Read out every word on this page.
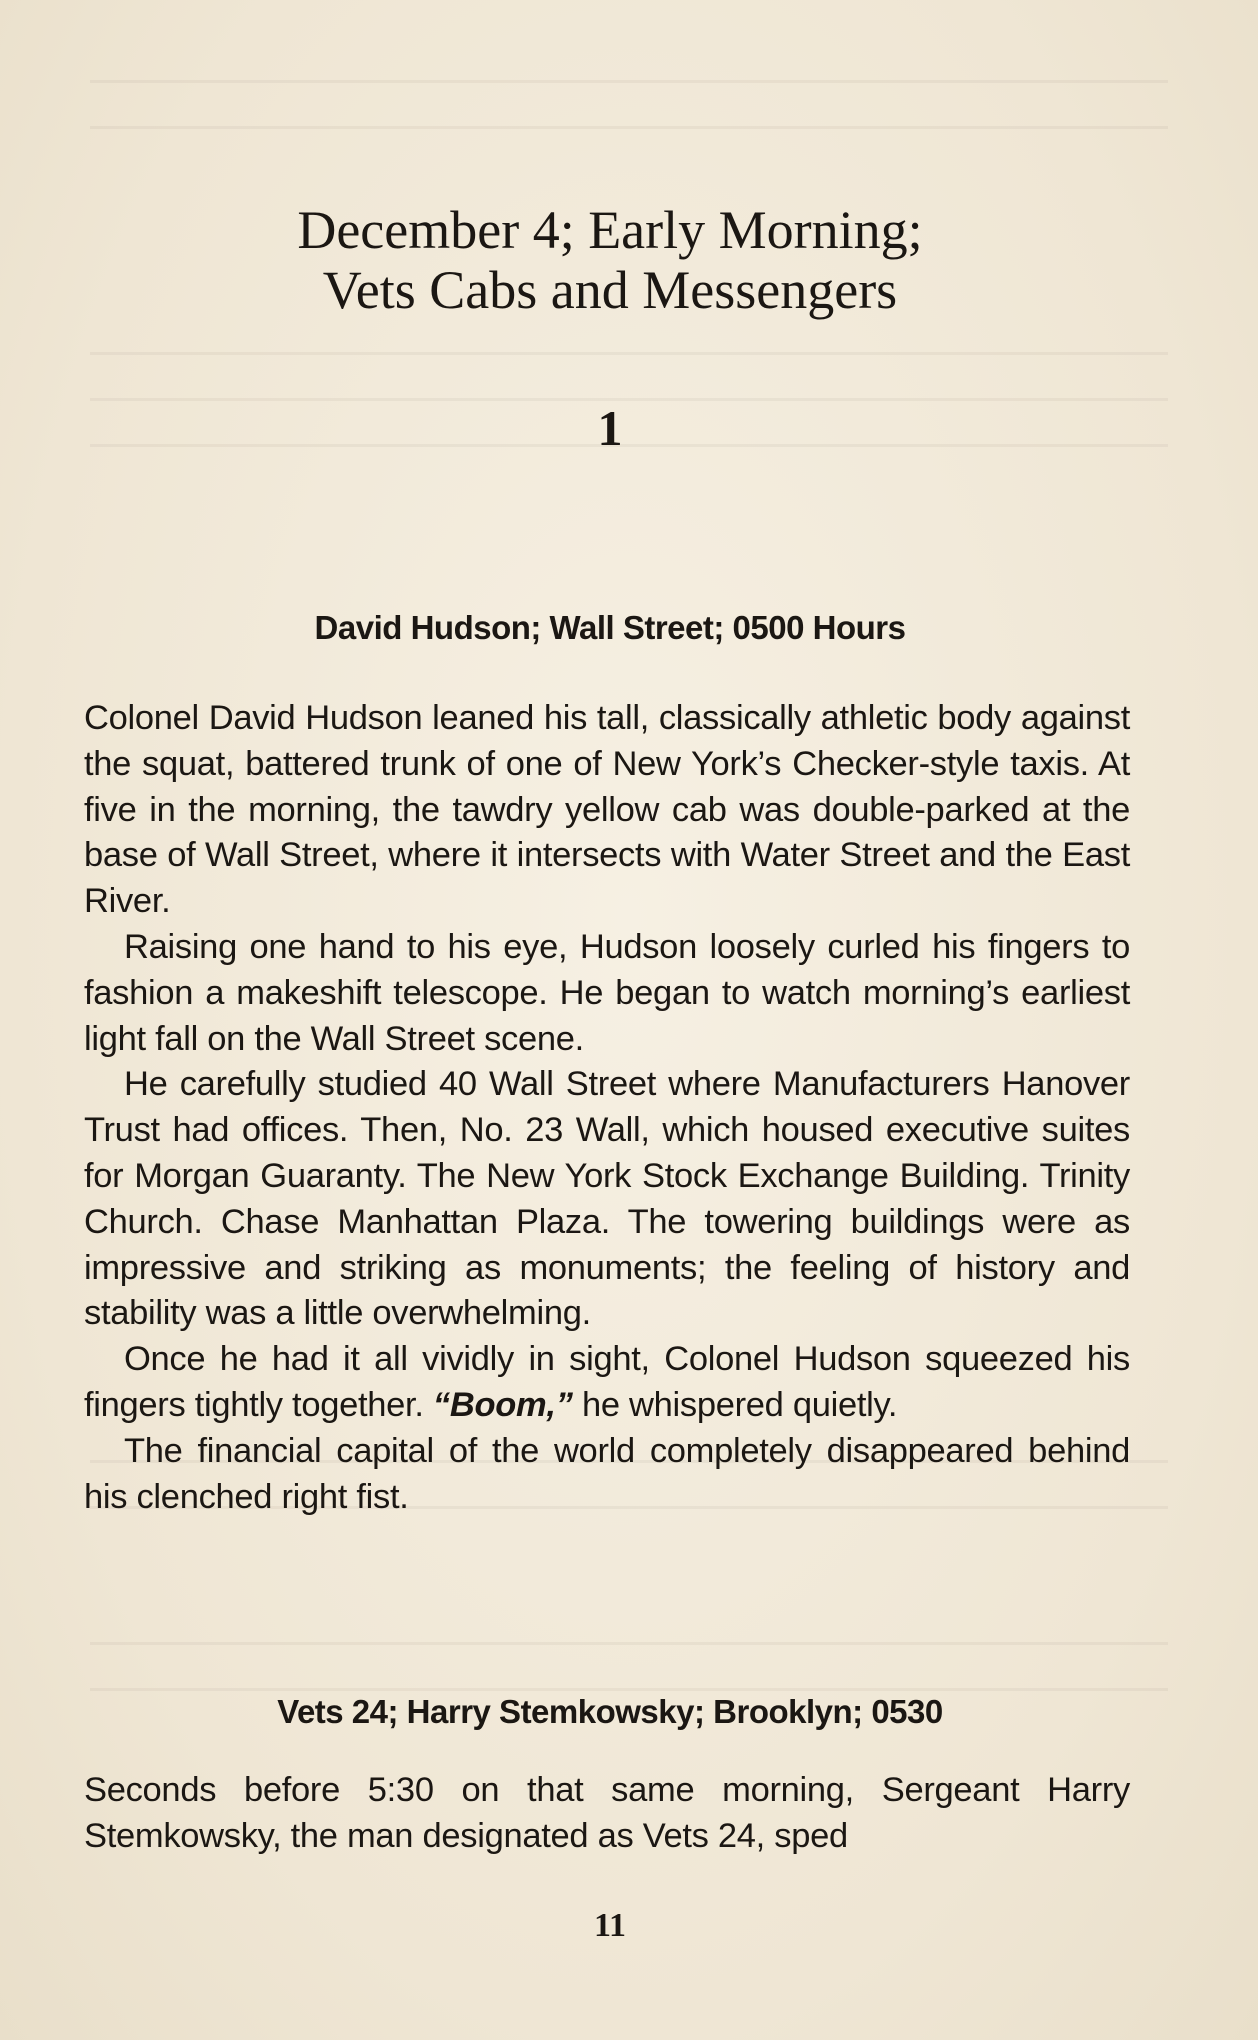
December 4; Early Morning;
Vets Cabs and Messengers
1
David Hudson; Wall Street; 0500 Hours

Colonel David Hudson leaned his tall, classically athletic body against the squat, battered trunk of one of New York’s Checker-style taxis. At five in the morning, the tawdry yellow cab was double-parked at the base of Wall Street, where it intersects with Water Street and the East River.

Raising one hand to his eye, Hudson loosely curled his fingers to fashion a makeshift telescope. He began to watch morning’s earliest light fall on the Wall Street scene.

He carefully studied 40 Wall Street where Manufacturers Hanover Trust had offices. Then, No. 23 Wall, which housed executive suites for Morgan Guaranty. The New York Stock Exchange Building. Trinity Church. Chase Manhattan Plaza. The towering buildings were as impressive and striking as monuments; the feeling of history and stability was a little overwhelming.

Once he had it all vividly in sight, Colonel Hudson squeezed his fingers tightly together. “Boom,” he whispered quietly.

The financial capital of the world completely disappeared behind his clenched right fist.

Vets 24; Harry Stemkowsky; Brooklyn; 0530

Seconds before 5:30 on that same morning, Sergeant Harry Stemkowsky, the man designated as Vets 24, sped

11
